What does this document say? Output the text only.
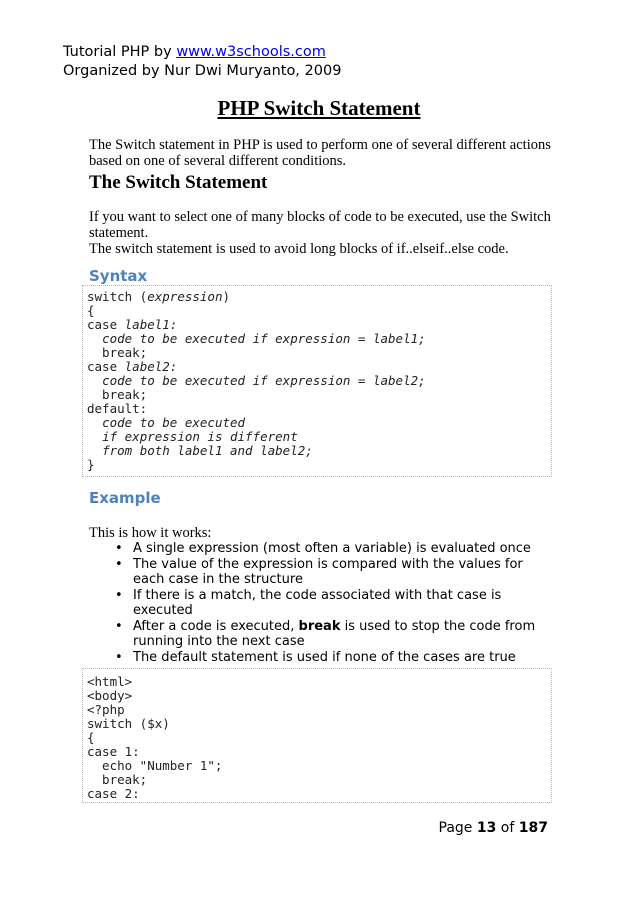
Tutorial PHP by www.w3schools.com
Organized by Nur Dwi Muryanto, 2009
PHP Switch Statement
The Switch statement in PHP is used to perform one of several different actions
based on one of several different conditions.
The Switch Statement
If you want to select one of many blocks of code to be executed, use the Switch
statement.
The switch statement is used to avoid long blocks of if..elseif..else code.
Syntax
switch (expression)
{
case label1:
code to be executed if expression = label1;
break;
case label2:
code to be executed if expression = label2;
break;
default:
code to be executed
if expression is different
from both label1 and label2;
}
Example
This is how it works:
• A single expression (most often a variable) is evaluated once
• The value of the expression is compared with the values for each case in the structure
• If there is a match, the code associated with that case is executed
• After a code is executed, break is used to stop the code from running into the next case
• The default statement is used if none of the cases are true
<html>
<body>
<?php
switch ($x)
{
case 1:
echo "Number 1";
break;
case 2:
Page 13 of 187
